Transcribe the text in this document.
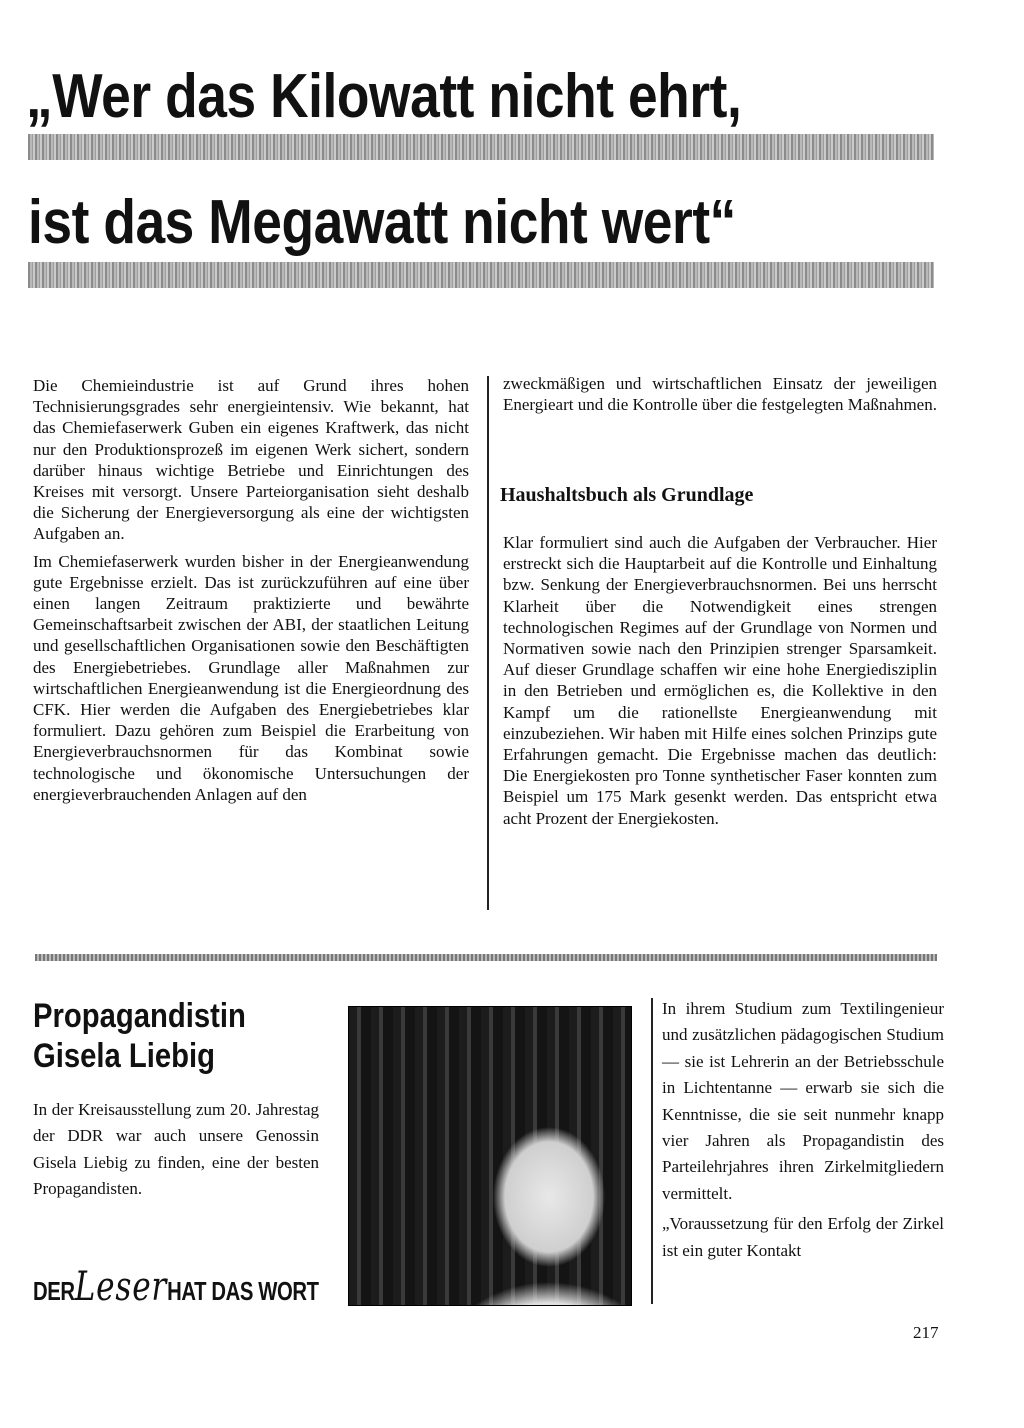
„Wer das Kilowatt nicht ehrt,
ist das Megawatt nicht wert“

Die Chemieindustrie ist auf Grund ihres hohen Technisierungsgrades sehr energieintensiv. Wie bekannt, hat das Chemiefaserwerk Guben ein eigenes Kraftwerk, das nicht nur den Produktionsprozeß im eigenen Werk sichert, sondern darüber hinaus wichtige Betriebe und Einrichtungen des Kreises mit versorgt. Unsere Parteiorganisation sieht deshalb die Sicherung der Energieversorgung als eine der wichtigsten Aufgaben an.

Im Chemiefaserwerk wurden bisher in der Energieanwendung gute Ergebnisse erzielt. Das ist zurückzuführen auf eine über einen langen Zeitraum praktizierte und bewährte Gemeinschaftsarbeit zwischen der ABI, der staatlichen Leitung und gesellschaftlichen Organisationen sowie den Beschäftigten des Energiebetriebes. Grundlage aller Maßnahmen zur wirtschaftlichen Energieanwendung ist die Energieordnung des CFK. Hier werden die Aufgaben des Energiebetriebes klar formuliert. Dazu gehören zum Beispiel die Erarbeitung von Energieverbrauchsnormen für das Kombinat sowie technologische und ökonomische Untersuchungen der energieverbrauchenden Anlagen auf den

zweckmäßigen und wirtschaftlichen Einsatz der jeweiligen Energieart und die Kontrolle über die festgelegten Maßnahmen.
Haushaltsbuch als Grundlage
Klar formuliert sind auch die Aufgaben der Verbraucher. Hier erstreckt sich die Hauptarbeit auf die Kontrolle und Einhaltung bzw. Senkung der Energieverbrauchsnormen. Bei uns herrscht Klarheit über die Notwendigkeit eines strengen technologischen Regimes auf der Grundlage von Normen und Normativen sowie nach den Prinzipien strenger Sparsamkeit. Auf dieser Grundlage schaffen wir eine hohe Energiedisziplin in den Betrieben und ermöglichen es, die Kollektive in den Kampf um die rationellste Energieanwendung mit einzubeziehen. Wir haben mit Hilfe eines solchen Prinzips gute Erfahrungen gemacht. Die Ergebnisse machen das deutlich: Die Energiekosten pro Tonne synthetischer Faser konnten zum Beispiel um 175 Mark gesenkt werden. Das entspricht etwa acht Prozent der Energiekosten.
Propagandistin
Gisela Liebig
In der Kreisausstellung zum 20. Jahrestag der DDR war auch unsere Genossin Gisela Liebig zu finden, eine der besten Propagandisten.
DERLeserHAT DAS WORT

In ihrem Studium zum Textilingenieur und zusätzlichen pädagogischen Studium — sie ist Lehrerin an der Betriebsschule in Lichtentanne — erwarb sie sich die Kenntnisse, die sie seit nunmehr knapp vier Jahren als Propagandistin des Parteilehrjahres ihren Zirkelmitgliedern vermittelt.

„Voraussetzung für den Erfolg der Zirkel ist ein guter Kontakt

217
